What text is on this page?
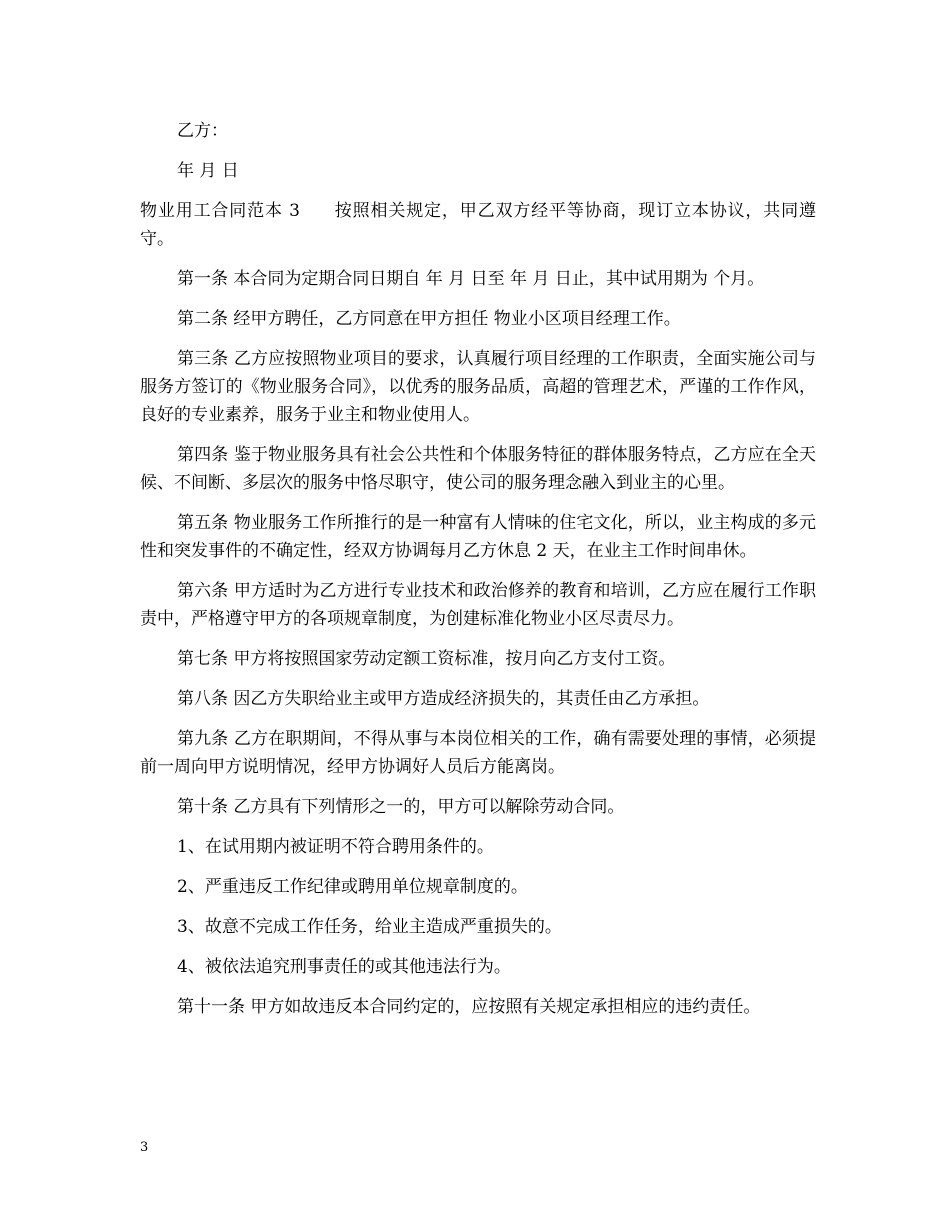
乙方：

年 月 日

物业用工合同范本 3 按照相关规定，甲乙双方经平等协商，现订立本协议，共同遵守。

第一条 本合同为定期合同日期自 年 月 日至 年 月 日止，其中试用期为 个月。

第二条 经甲方聘任，乙方同意在甲方担任 物业小区项目经理工作。

第三条 乙方应按照物业项目的要求，认真履行项目经理的工作职责，全面实施公司与服务方签订的《物业服务合同》，以优秀的服务品质，高超的管理艺术，严谨的工作作风，良好的专业素养，服务于业主和物业使用人。

第四条 鉴于物业服务具有社会公共性和个体服务特征的群体服务特点，乙方应在全天候、不间断、多层次的服务中恪尽职守，使公司的服务理念融入到业主的心里。

第五条 物业服务工作所推行的是一种富有人情味的住宅文化，所以，业主构成的多元性和突发事件的不确定性，经双方协调每月乙方休息 2 天，在业主工作时间串休。

第六条 甲方适时为乙方进行专业技术和政治修养的教育和培训，乙方应在履行工作职责中，严格遵守甲方的各项规章制度，为创建标准化物业小区尽责尽力。

第七条 甲方将按照国家劳动定额工资标准，按月向乙方支付工资。

第八条 因乙方失职给业主或甲方造成经济损失的，其责任由乙方承担。

第九条 乙方在职期间，不得从事与本岗位相关的工作，确有需要处理的事情，必须提前一周向甲方说明情况，经甲方协调好人员后方能离岗。

第十条 乙方具有下列情形之一的，甲方可以解除劳动合同。

1、在试用期内被证明不符合聘用条件的。

2、严重违反工作纪律或聘用单位规章制度的。

3、故意不完成工作任务，给业主造成严重损失的。

4、被依法追究刑事责任的或其他违法行为。

第十一条 甲方如故违反本合同约定的，应按照有关规定承担相应的违约责任。

3
